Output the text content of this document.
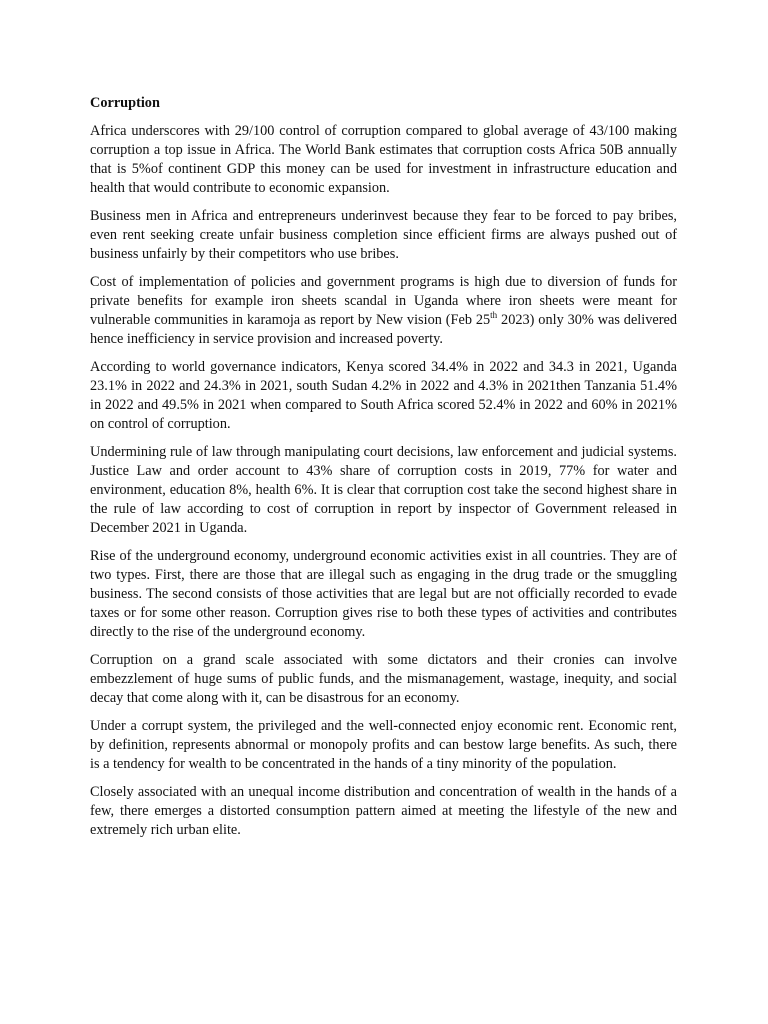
Corruption

Africa underscores with 29/100 control of corruption compared to global average of 43/100 making corruption a top issue in Africa. The World Bank estimates that corruption costs Africa 50B annually that is 5%of continent GDP this money can be used for investment in infrastructure education and health that would contribute to economic expansion.

Business men in Africa and entrepreneurs underinvest because they fear to be forced to pay bribes, even rent seeking create unfair business completion since efficient firms are always pushed out of business unfairly by their competitors who use bribes.

Cost of implementation of policies and government programs is high due to diversion of funds for private benefits for example iron sheets scandal in Uganda where iron sheets were meant for vulnerable communities in karamoja as report by New vision (Feb 25th 2023) only 30% was delivered hence inefficiency in service provision and increased poverty.

According to world governance indicators, Kenya scored 34.4% in 2022 and 34.3 in 2021, Uganda 23.1% in 2022 and 24.3% in 2021, south Sudan 4.2% in 2022 and 4.3% in 2021then Tanzania 51.4% in 2022 and 49.5% in 2021 when compared to South Africa scored 52.4% in 2022 and 60% in 2021% on control of corruption.

Undermining rule of law through manipulating court decisions, law enforcement and judicial systems. Justice Law and order account to 43% share of corruption costs in 2019, 77% for water and environment, education 8%, health 6%. It is clear that corruption cost take the second highest share in the rule of law according to cost of corruption in report by inspector of Government released in December 2021 in Uganda.

Rise of the underground economy, underground economic activities exist in all countries. They are of two types. First, there are those that are illegal such as engaging in the drug trade or the smuggling business. The second consists of those activities that are legal but are not officially recorded to evade taxes or for some other reason. Corruption gives rise to both these types of activities and contributes directly to the rise of the underground economy.

Corruption on a grand scale associated with some dictators and their cronies can involve embezzlement of huge sums of public funds, and the mismanagement, wastage, inequity, and social decay that come along with it, can be disastrous for an economy.

Under a corrupt system, the privileged and the well-connected enjoy economic rent. Economic rent, by definition, represents abnormal or monopoly profits and can bestow large benefits. As such, there is a tendency for wealth to be concentrated in the hands of a tiny minority of the population.

Closely associated with an unequal income distribution and concentration of wealth in the hands of a few, there emerges a distorted consumption pattern aimed at meeting the lifestyle of the new and extremely rich urban elite.
